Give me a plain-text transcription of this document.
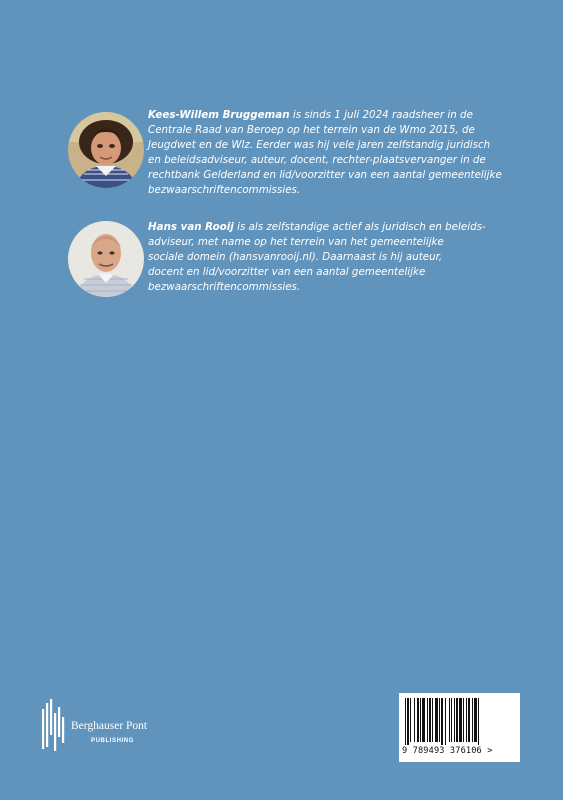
Kees-Willem Bruggeman is sinds 1 juli 2024 raadsheer in de
Centrale Raad van Beroep op het terrein van de Wmo 2015, de
Jeugdwet en de Wlz. Eerder was hij vele jaren zelfstandig juridisch
en beleidsadviseur, auteur, docent, rechter-plaatsvervanger in de
rechtbank Gelderland en lid/voorzitter van een aantal gemeentelijke
bezwaarschriftencommissies.

Hans van Rooij is als zelfstandige actief als juridisch en beleids-
adviseur, met name op het terrein van het gemeentelijke
sociale domein (hansvanrooij.nl). Daarnaast is hij auteur,
docent en lid/voorzitter van een aantal gemeentelijke
bezwaarschriftencommissies.

Berghauser Pont
PUBLISHING
9 789493 376106 >
